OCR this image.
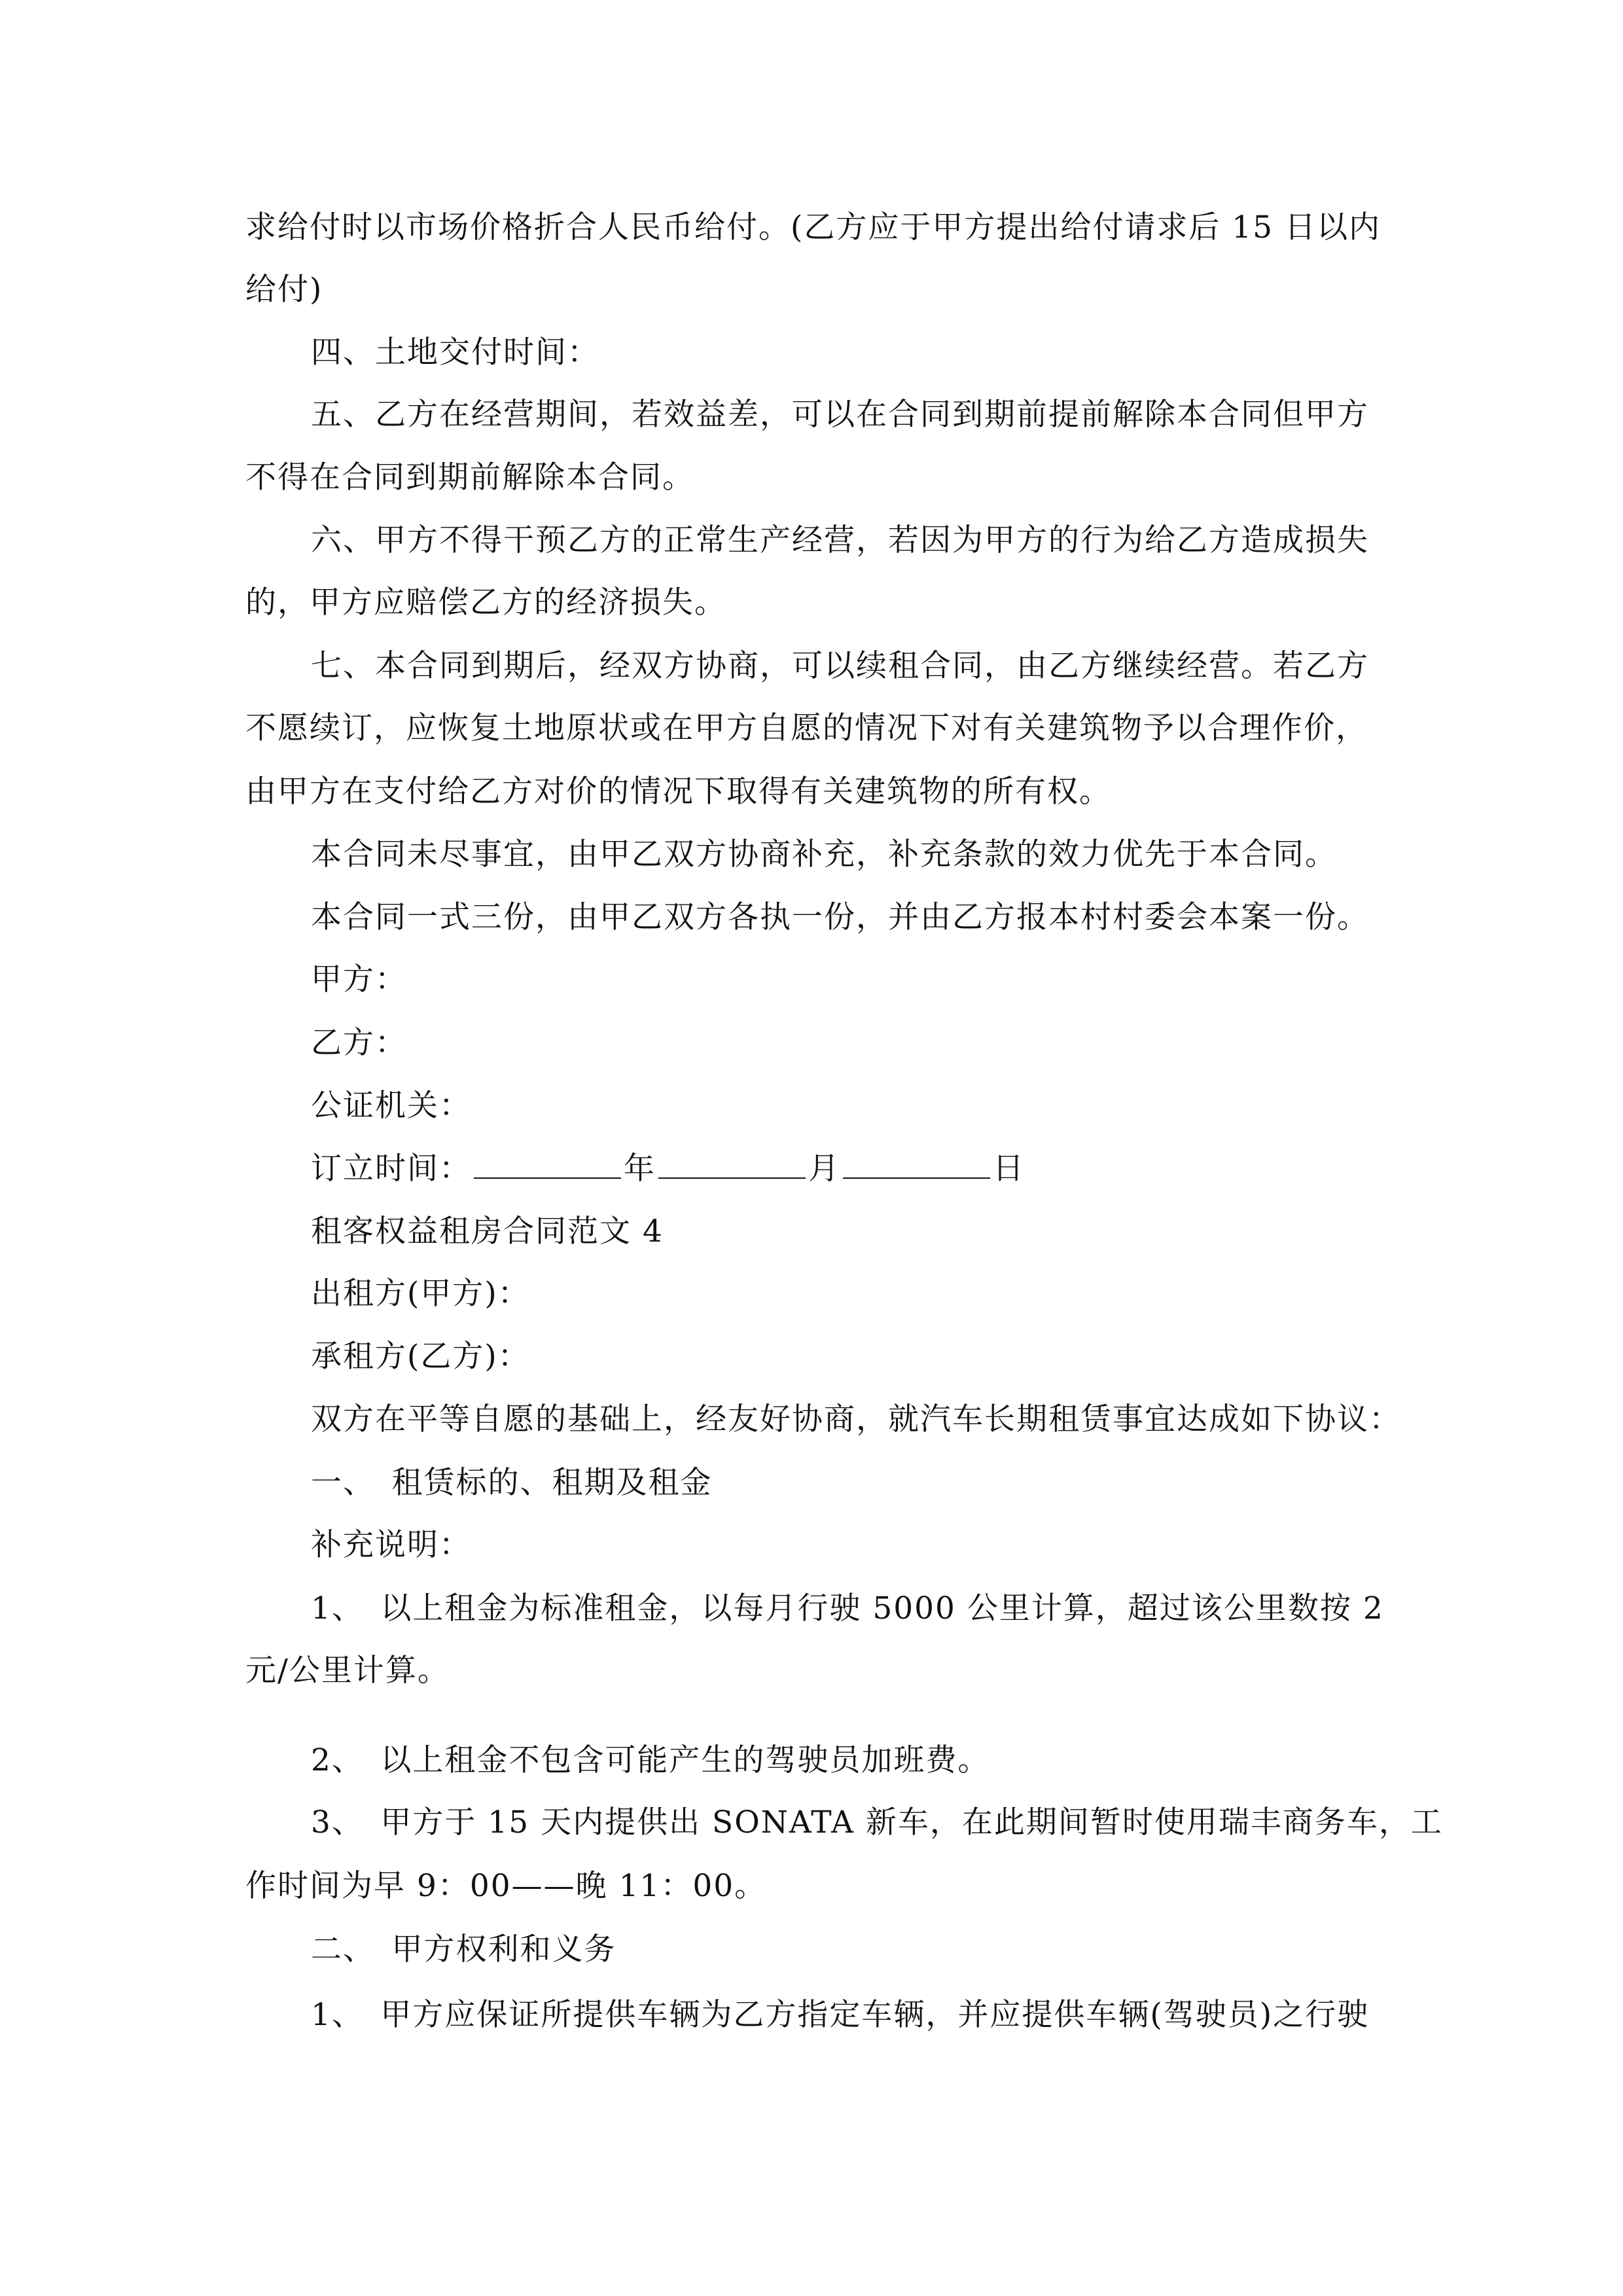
求给付时以市场价格折合人民币给付。(乙方应于甲方提出给付请求后 15 日以内
给付)
四、土地交付时间：
五、乙方在经营期间，若效益差，可以在合同到期前提前解除本合同但甲方
不得在合同到期前解除本合同。
六、甲方不得干预乙方的正常生产经营，若因为甲方的行为给乙方造成损失
的，甲方应赔偿乙方的经济损失。
七、本合同到期后，经双方协商，可以续租合同，由乙方继续经营。若乙方
不愿续订，应恢复土地原状或在甲方自愿的情况下对有关建筑物予以合理作价，
由甲方在支付给乙方对价的情况下取得有关建筑物的所有权。
本合同未尽事宜，由甲乙双方协商补充，补充条款的效力优先于本合同。
本合同一式三份，由甲乙双方各执一份，并由乙方报本村村委会本案一份。
甲方：
乙方：
公证机关：
订立时间：	年	月	日
租客权益租房合同范文 4
出租方(甲方)：
承租方(乙方)：
双方在平等自愿的基础上，经友好协商，就汽车长期租赁事宜达成如下协议：
一、　租赁标的、租期及租金
补充说明：
1、　以上租金为标准租金，以每月行驶 5000 公里计算，超过该公里数按 2
元/公里计算。
2、　以上租金不包含可能产生的驾驶员加班费。
3、　甲方于 15 天内提供出 SONATA 新车，在此期间暂时使用瑞丰商务车，工
作时间为早 9：00——晚 11：00。
二、　甲方权利和义务
1、　甲方应保证所提供车辆为乙方指定车辆，并应提供车辆(驾驶员)之行驶
